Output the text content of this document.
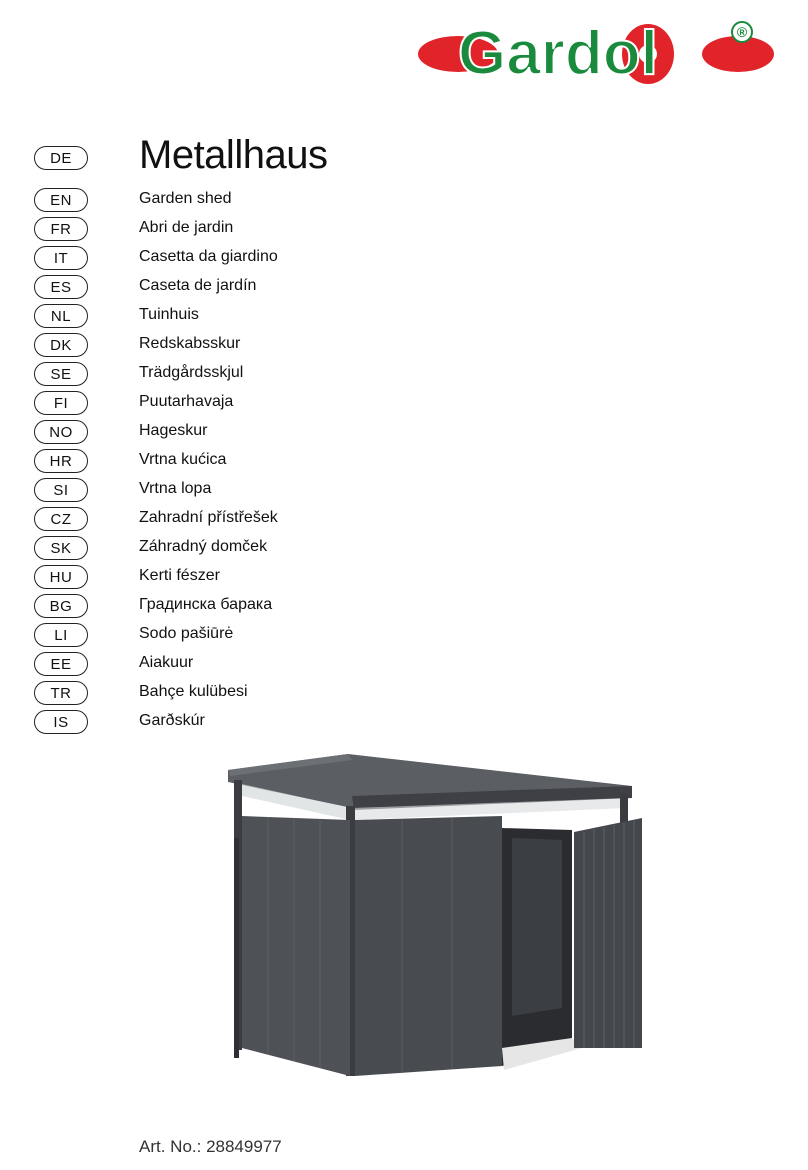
Gardol	®
DE	Metallhaus
EN	Garden shed
FR	Abri de jardin
IT	Casetta da giardino
ES	Caseta de jardín
NL	Tuinhuis
DK	Redskabsskur
SE	Trädgårdsskjul
FI	Puutarhavaja
NO	Hageskur
HR	Vrtna kućica
SI	Vrtna lopa
CZ	Zahradní přístřešek
SK	Záhradný domček
HU	Kerti fészer
BG	Градинска барака
LI	Sodo pašiūrė
EE	Aiakuur
TR	Bahçe kulübesi
IS	Garðskúr
Art. No.: 28849977
